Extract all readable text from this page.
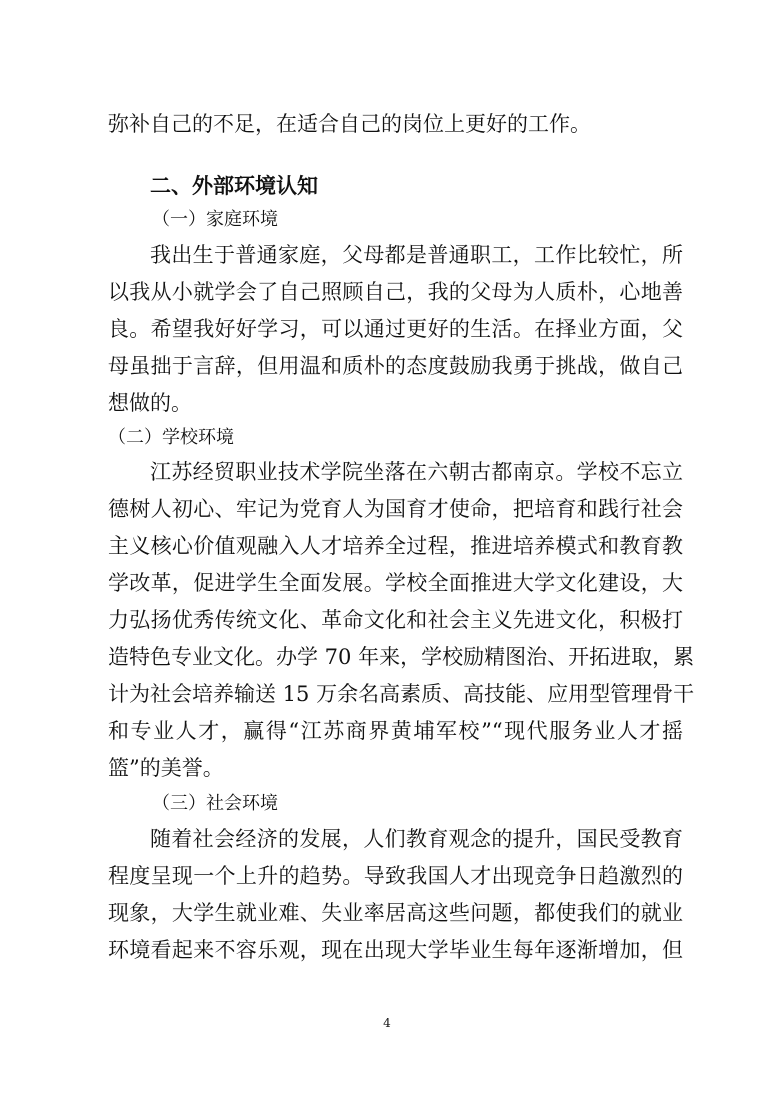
弥补自己的不足，在适合自己的岗位上更好的工作。
二、外部环境认知
（一）家庭环境
我出生于普通家庭，父母都是普通职工，工作比较忙，所
以我从小就学会了自己照顾自己，我的父母为人质朴，心地善
良。希望我好好学习，可以通过更好的生活。在择业方面，父
母虽拙于言辞，但用温和质朴的态度鼓励我勇于挑战，做自己
想做的。
（二）学校环境
江苏经贸职业技术学院坐落在六朝古都南京。学校不忘立
德树人初心、牢记为党育人为国育才使命，把培育和践行社会
主义核心价值观融入人才培养全过程，推进培养模式和教育教
学改革，促进学生全面发展。学校全面推进大学文化建设，大
力弘扬优秀传统文化、革命文化和社会主义先进文化，积极打
造特色专业文化。办学 70 年来，学校励精图治、开拓进取，累
计为社会培养输送 15 万余名高素质、高技能、应用型管理骨干
和专业人才，赢得“江苏商界黄埔军校”“现代服务业人才摇
篮”的美誉。
（三）社会环境
随着社会经济的发展，人们教育观念的提升，国民受教育
程度呈现一个上升的趋势。导致我国人才出现竞争日趋激烈的
现象，大学生就业难、失业率居高这些问题，都使我们的就业
环境看起来不容乐观，现在出现大学毕业生每年逐渐增加，但
4
